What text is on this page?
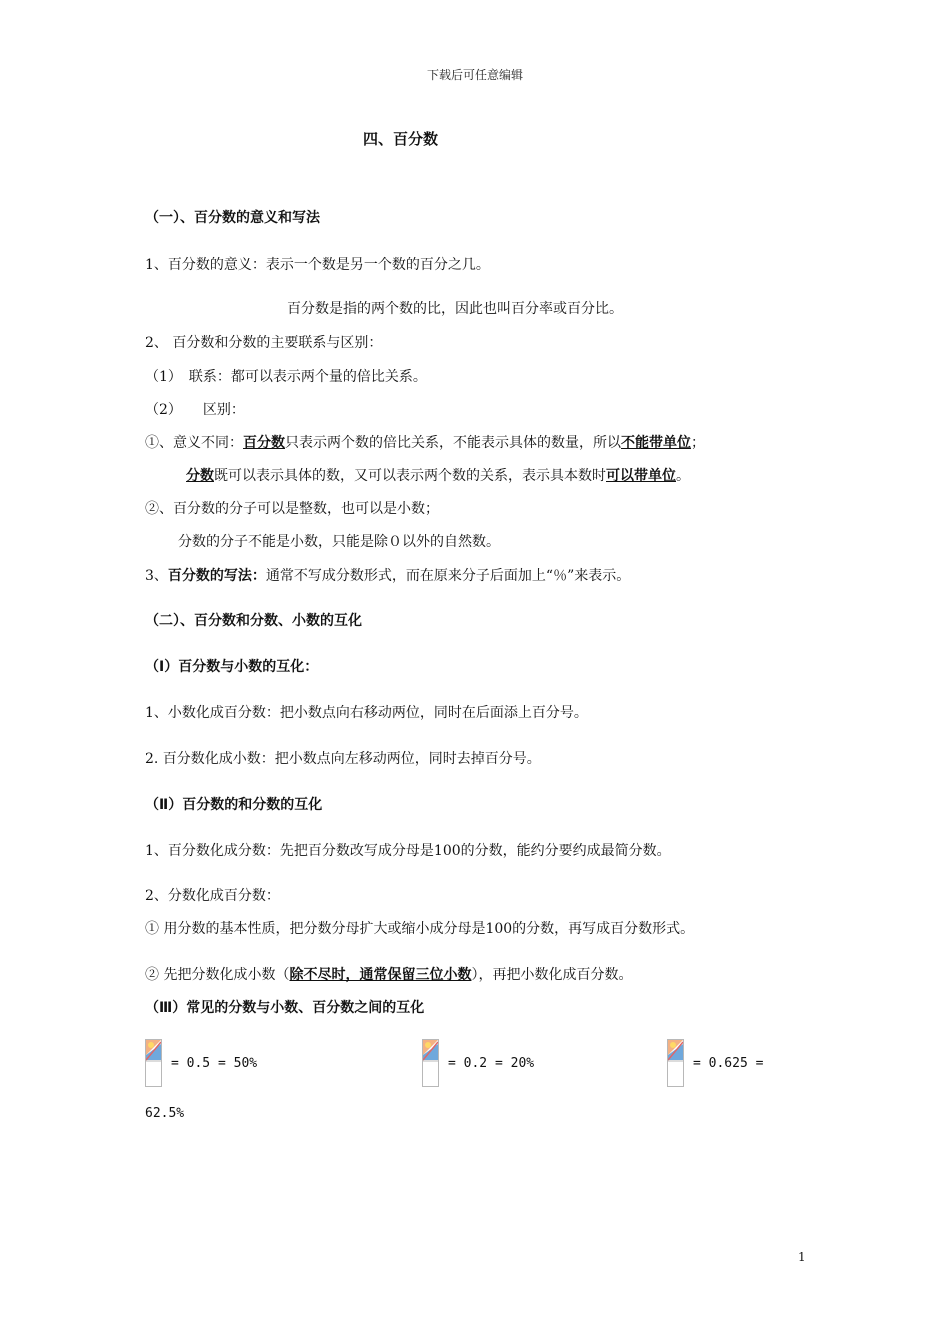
下载后可任意编辑
四、百分数
（一）、百分数的意义和写法
1、百分数的意义：表示一个数是另一个数的百分之几。
百分数是指的两个数的比，因此也叫百分率或百分比。
2、 百分数和分数的主要联系与区别：
（1）　联系：都可以表示两个量的倍比关系。
（2）　　区别：
①、意义不同：百分数只表示两个数的倍比关系，不能表示具体的数量，所以不能带单位；
分数既可以表示具体的数，又可以表示两个数的关系，表示具本数时可以带单位。
②、百分数的分子可以是整数，也可以是小数；
分数的分子不能是小数，只能是除０以外的自然数。
3、百分数的写法：通常不写成分数形式，而在原来分子后面加上“％”来表示。
（二）、百分数和分数、小数的互化
（Ⅰ）百分数与小数的互化：
1、小数化成百分数：把小数点向右移动两位，同时在后面添上百分号。
2. 百分数化成小数：把小数点向左移动两位，同时去掉百分号。
（Ⅱ）百分数的和分数的互化
1、百分数化成分数：先把百分数改写成分母是100的分数，能约分要约成最简分数。
2、分数化成百分数：
① 用分数的基本性质，把分数分母扩大或缩小成分母是100的分数，再写成百分数形式。
② 先把分数化成小数（除不尽时，通常保留三位小数），再把小数化成百分数。
（Ⅲ）常见的分数与小数、百分数之间的互化
= 0.5 = 50%	= 0.2 = 20%	= 0.625 =
62.5%
1
